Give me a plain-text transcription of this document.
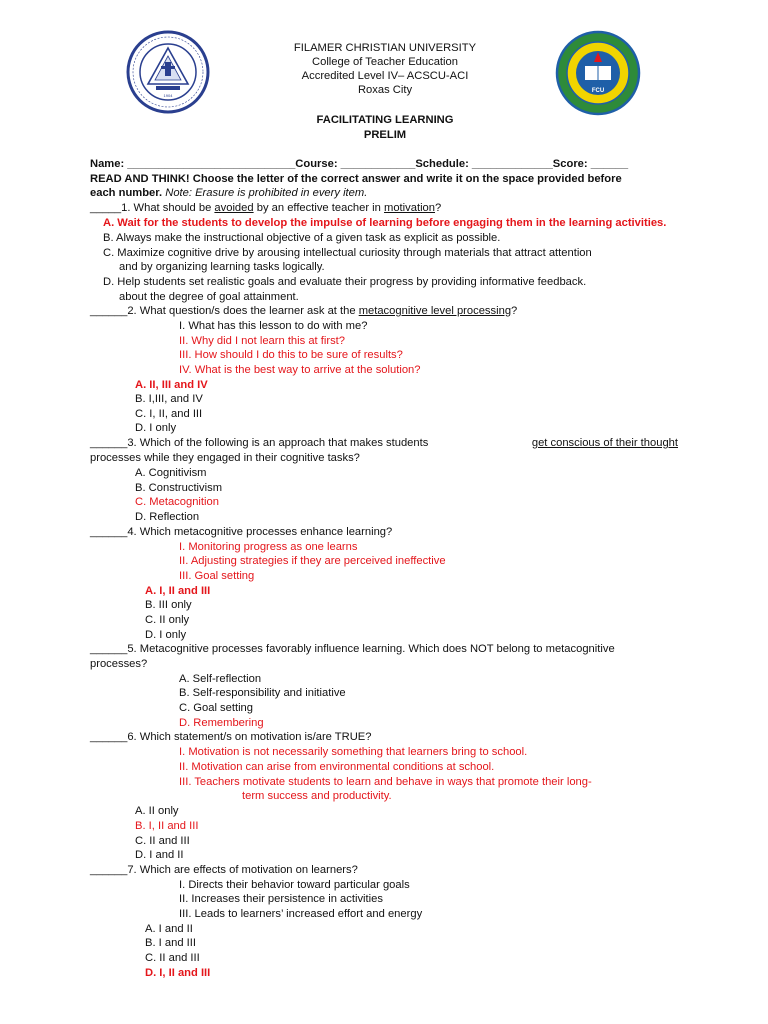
1904
FILAMER CHRISTIAN UNIVERSITY
College of Teacher Education
Accredited Level IV– ACSCU-ACI
Roxas City	FCU
FACILITATING LEARNING
PRELIM
Name: ___________________________Course: ____________Schedule: _____________Score: ______
READ AND THINK! Choose the letter of the correct answer and write it on the space provided before
each number. Note: Erasure is prohibited in every item.
_____1. What should be avoided by an effective teacher in motivation?
A. Wait for the students to develop the impulse of learning before engaging them in the learning activities.
B. Always make the instructional objective of a given task as explicit as possible.
C. Maximize cognitive drive by arousing intellectual curiosity through materials that attract attention
and by organizing learning tasks logically.
D. Help students set realistic goals and evaluate their progress by providing informative feedback.
about the degree of goal attainment.
______2. What question/s does the learner ask at the metacognitive level processing?
I. What has this lesson to do with me?
II. Why did I not learn this at first?
III. How should I do this to be sure of results?
IV. What is the best way to arrive at the solution?
A. II, III and IV
B. I,III, and IV
C. I, II, and III
D. I only
______3. Which of the following is an approach that makes students	get conscious of their thought
processes while they engaged in their cognitive tasks?
A. Cognitivism
B. Constructivism
C. Metacognition
D. Reflection
______4. Which metacognitive processes enhance learning?
I. Monitoring progress as one learns
II. Adjusting strategies if they are perceived ineffective
III. Goal setting
A. I, II and III
B. III only
C. II only
D. I only
______5. Metacognitive processes favorably influence learning. Which does NOT belong to metacognitive
processes?
A. Self-reflection
B. Self-responsibility and initiative
C. Goal setting
D. Remembering
______6. Which statement/s on motivation is/are TRUE?
I. Motivation is not necessarily something that learners bring to school.
II. Motivation can arise from environmental conditions at school.
III. Teachers motivate students to learn and behave in ways that promote their long-
term success and productivity.
A. II only
B. I, II and III
C. II and III
D. I and II
______7. Which are effects of motivation on learners?
I. Directs their behavior toward particular goals
II. Increases their persistence in activities
III. Leads to learners’ increased effort and energy
A. I and II
B. I and III
C. II and III
D. I, II and III
